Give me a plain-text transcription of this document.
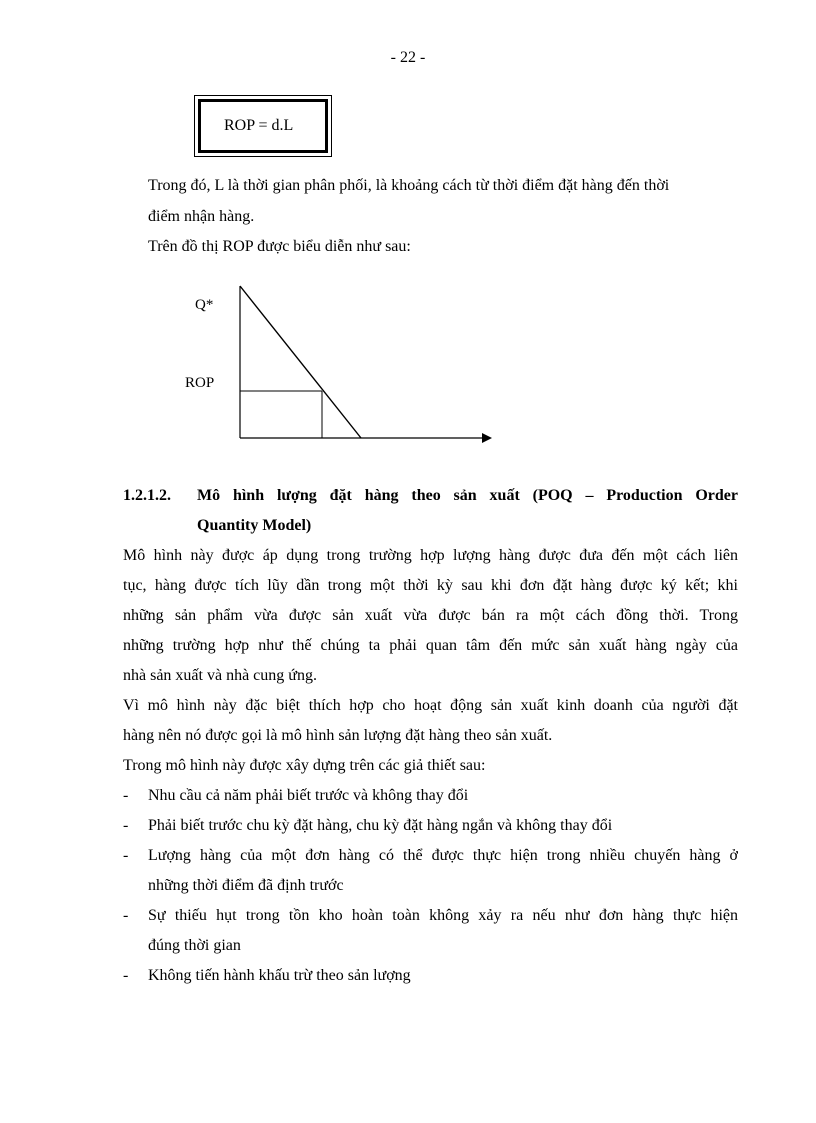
- 22 -
ROP = d.L
Trong đó, L là thời gian phân phối, là khoảng cách từ thời điểm đặt hàng đến thời
điểm nhận hàng.
Trên đồ thị ROP được biểu diễn như sau:
Q*
ROP
1.2.1.2. Mô hình lượng đặt hàng theo sản xuất (POQ – Production Order
Quantity Model)
Mô hình này được áp dụng trong trường hợp lượng hàng được đưa đến một cách liên
tục, hàng được tích lũy dần trong một thời kỳ sau khi đơn đặt hàng được ký kết; khi
những sản phẩm vừa được sản xuất vừa được bán ra một cách đồng thời. Trong
những trường hợp như thế chúng ta phải quan tâm đến mức sản xuất hàng ngày của
nhà sản xuất và nhà cung ứng.
Vì mô hình này đặc biệt thích hợp cho hoạt động sản xuất kinh doanh của người đặt
hàng nên nó được gọi là mô hình sản lượng đặt hàng theo sản xuất.
Trong mô hình này được xây dựng trên các giả thiết sau:
- Nhu cầu cả năm phải biết trước và không thay đổi
- Phải biết trước chu kỳ đặt hàng, chu kỳ đặt hàng ngắn và không thay đổi
- Lượng hàng của một đơn hàng có thể được thực hiện trong nhiều chuyến hàng ở
những thời điểm đã định trước
- Sự thiếu hụt trong tồn kho hoàn toàn không xảy ra nếu như đơn hàng thực hiện
đúng thời gian
- Không tiến hành khấu trừ theo sản lượng
